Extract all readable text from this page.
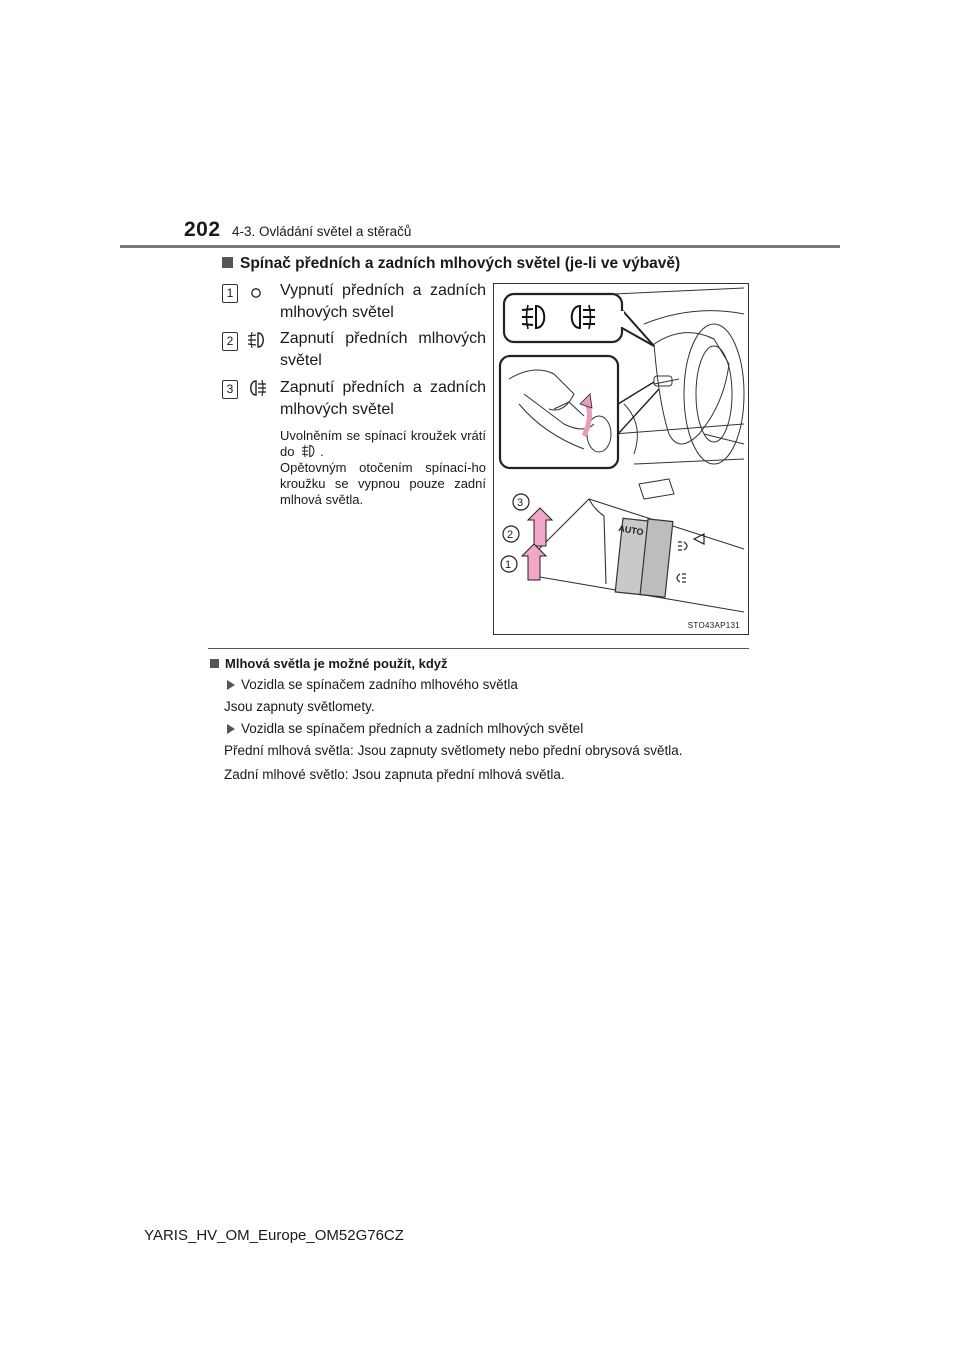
202 4-3. Ovládání světel a stěračů
Spínač předních a zadních mlhových světel (je-li ve výbavě)
1	Vypnutí předních a zadních mlhových světel
2	Zapnutí předních mlhových světel
3	Zapnutí předních a zadních mlhových světel
Uvolněním se spínací kroužek vrátí do .
Opětovným otočením spínací-ho kroužku se vypnou pouze zadní mlhová světla.
AUTO
3
2
1
STO43AP131
Mlhová světla je možné použít, když
Vozidla se spínačem zadního mlhového světla
Jsou zapnuty světlomety.
Vozidla se spínačem předních a zadních mlhových světel
Přední mlhová světla: Jsou zapnuty světlomety nebo přední obrysová světla.
Zadní mlhové světlo: Jsou zapnuta přední mlhová světla.
YARIS_HV_OM_Europe_OM52G76CZ
